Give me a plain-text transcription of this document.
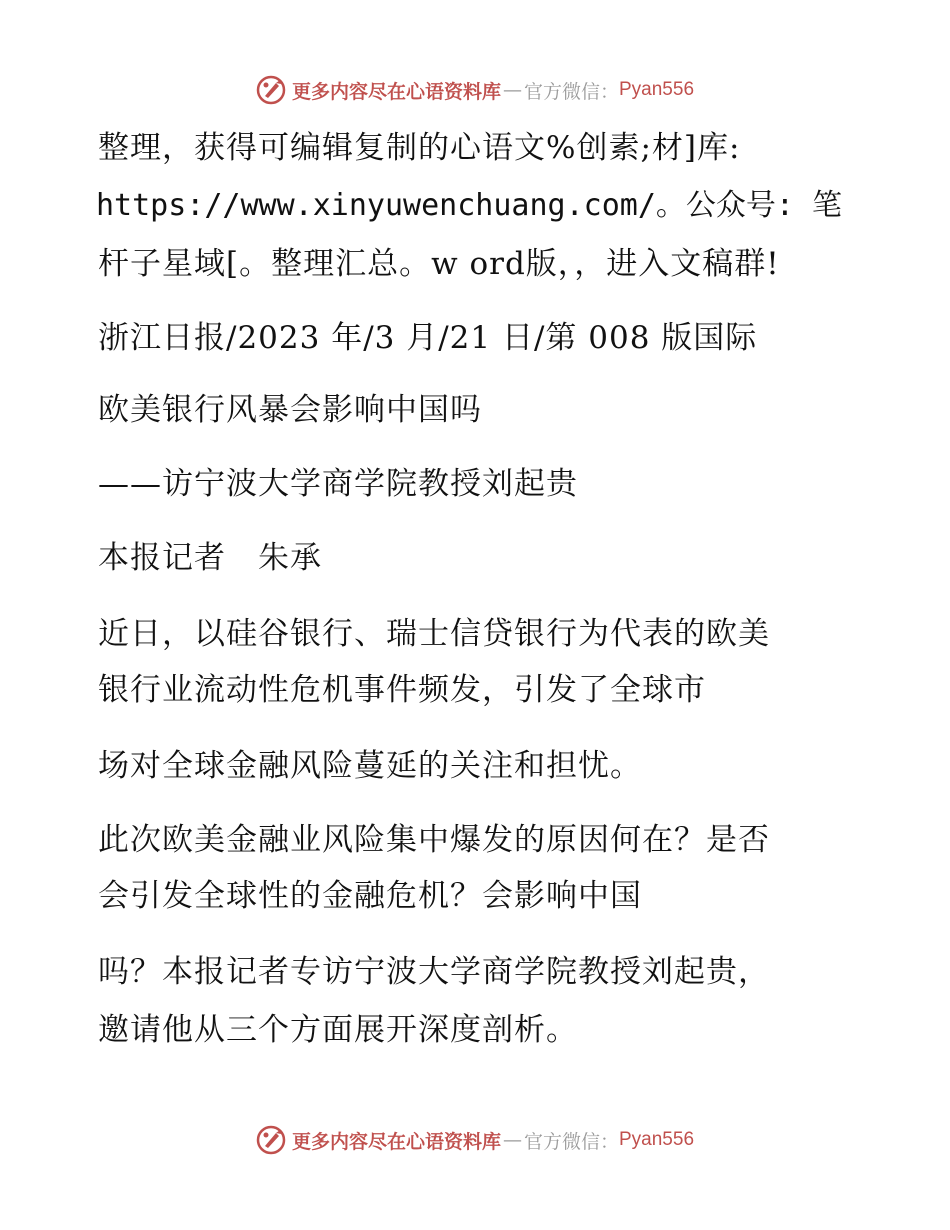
更多内容尽在心语资料库 — 官方微信： Pyan556
整理，获得可编辑复制的心语文%创素;材]库:
https://www.xinyuwenchuang.com/。公众号: 笔
杆子星域[。整理汇总。w ord版，，进入文稿群!
浙江日报/2023 年/3 月/21 日/第 008 版国际
欧美银行风暴会影响中国吗
——访宁波大学商学院教授刘起贵
本报记者　朱承
近日，以硅谷银行、瑞士信贷银行为代表的欧美
银行业流动性危机事件频发，引发了全球市
场对全球金融风险蔓延的关注和担忧。
此次欧美金融业风险集中爆发的原因何在？是否
会引发全球性的金融危机？会影响中国
吗？本报记者专访宁波大学商学院教授刘起贵，
邀请他从三个方面展开深度剖析。
更多内容尽在心语资料库 — 官方微信： Pyan556
